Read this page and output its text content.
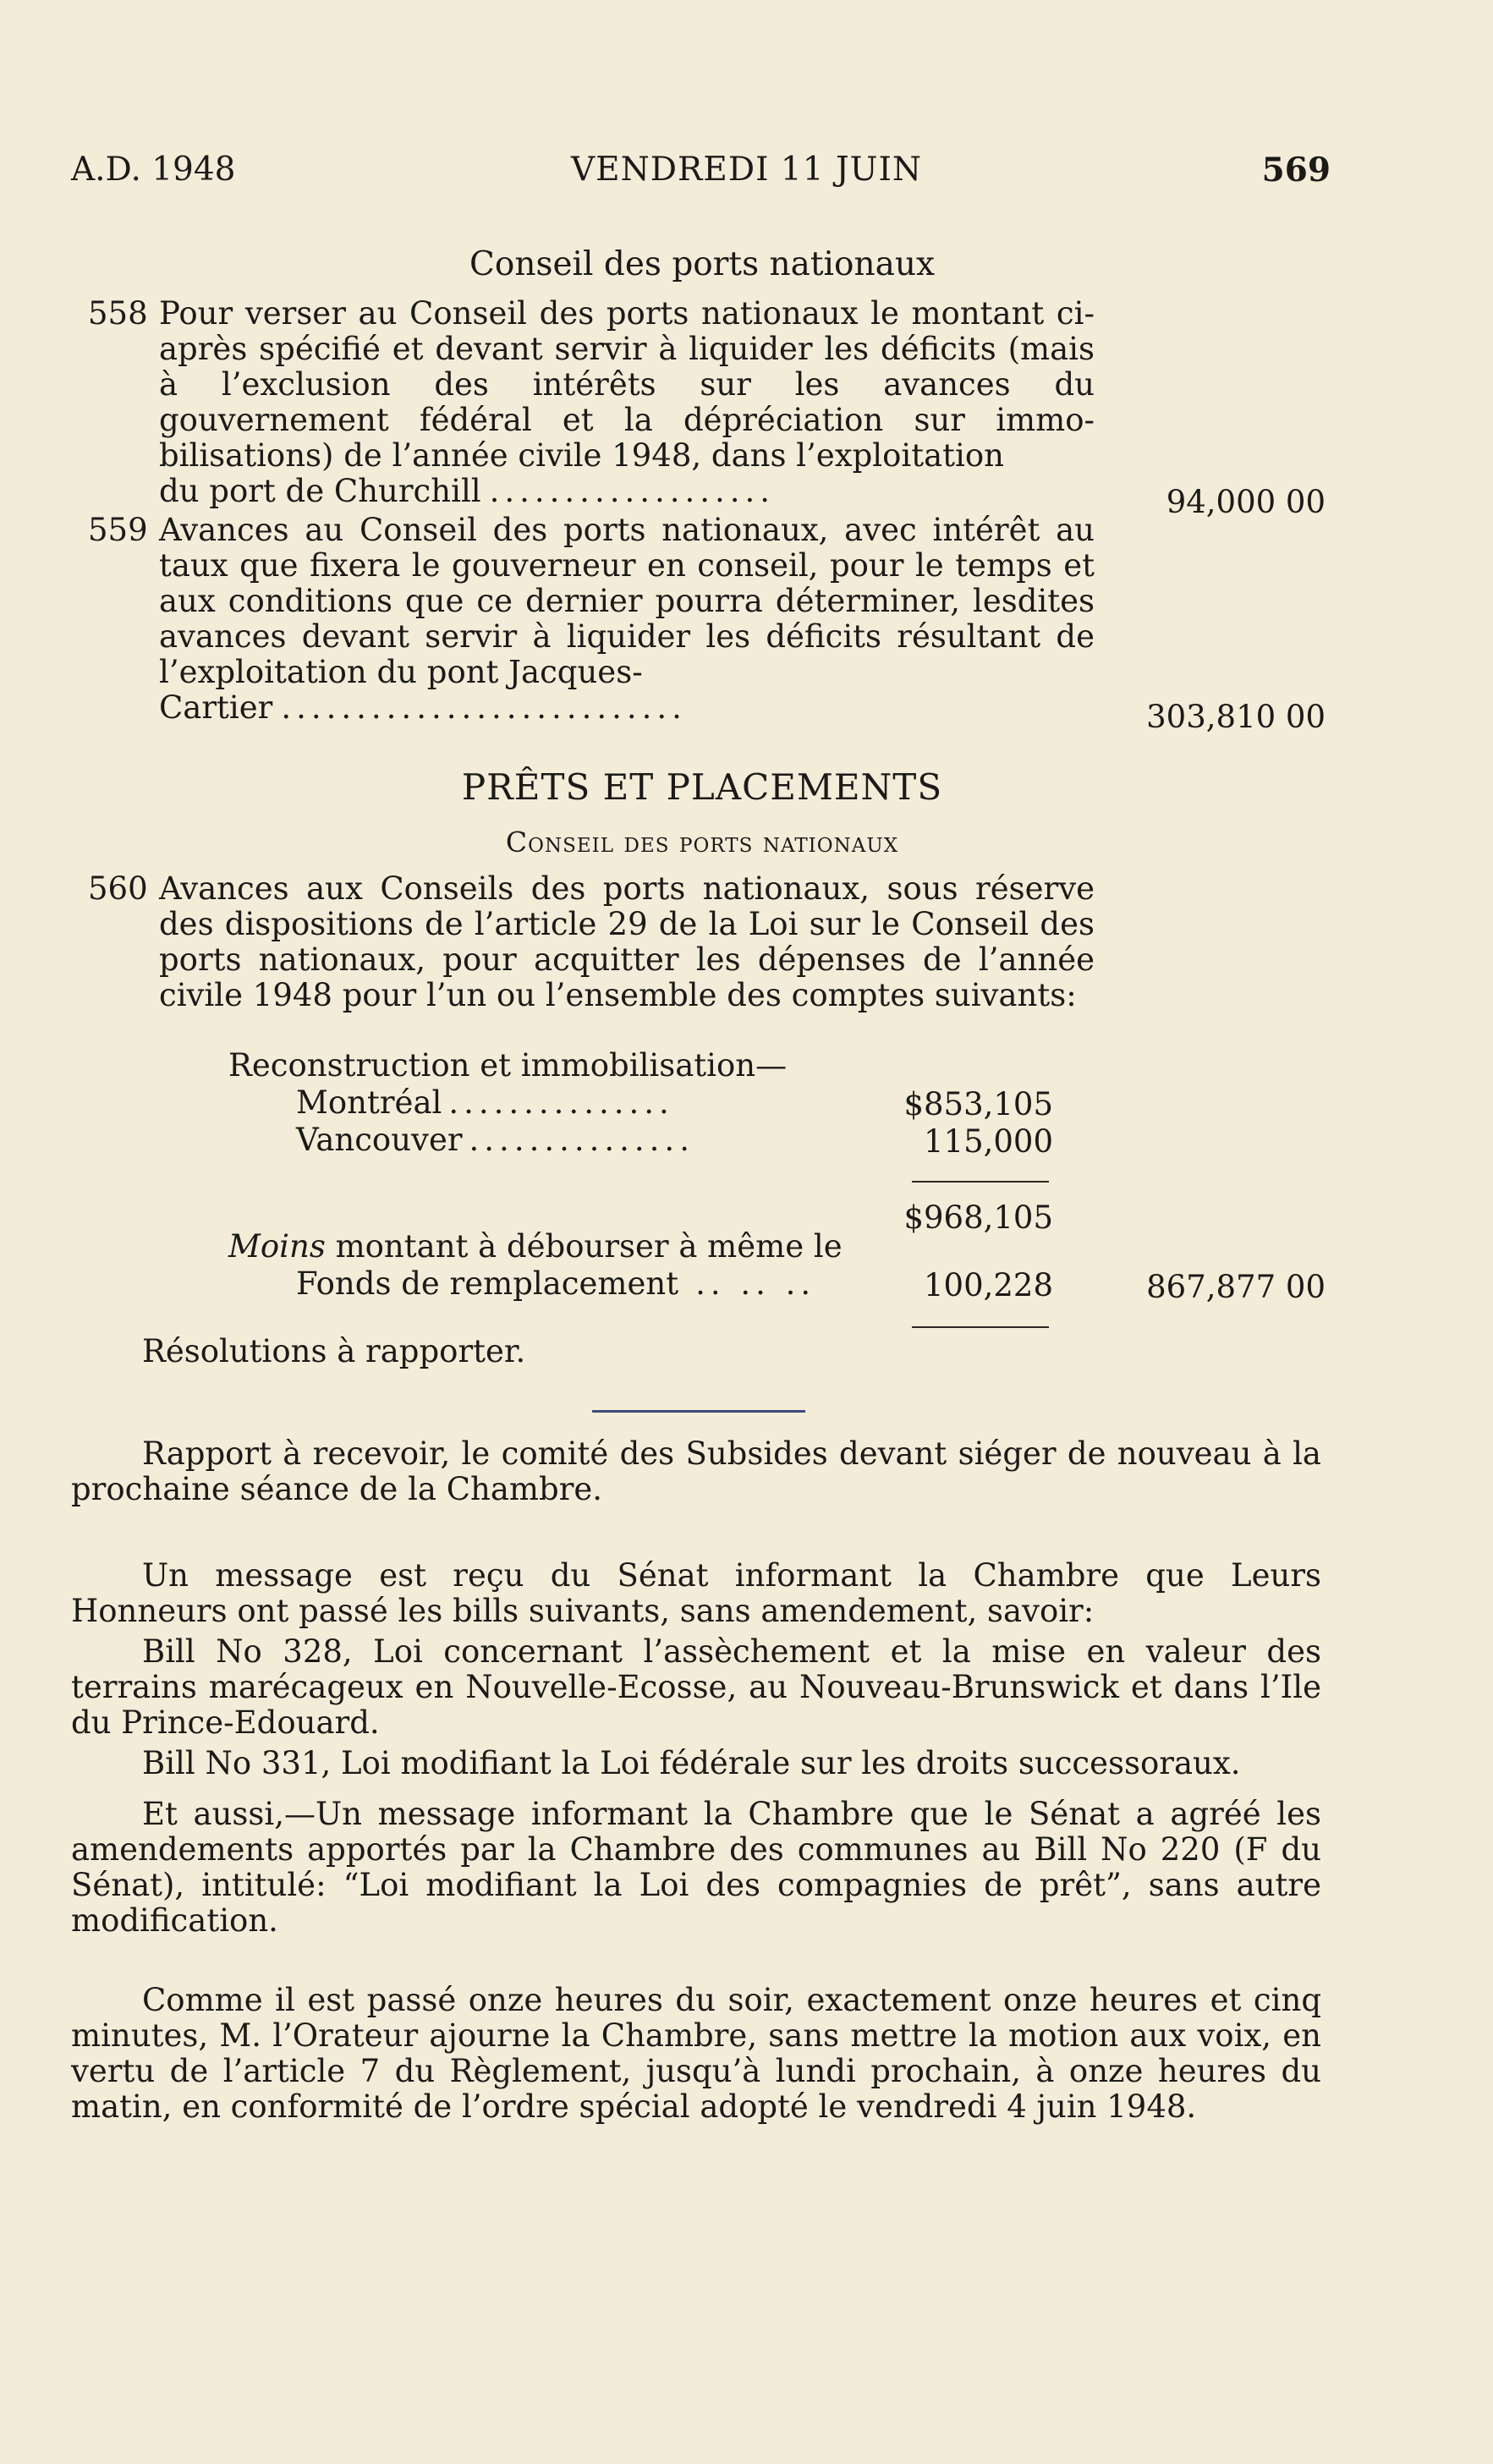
A.D. 1948	VENDREDI 11 JUIN	569
Conseil des ports nationaux
558 Pour verser au Conseil des ports nationaux le montant ci-après spécifié et devant servir à liquider les déficits (mais à l’exclusion des intérêts sur les avances du gouvernement fédéral et la dépréciation sur immobilisations) de l’année civile 1948, dans l’exploitation

du port de Churchill ...................	94,000 00
559 Avances au Conseil des ports nationaux, avec intérêt au taux que fixera le gouverneur en conseil, pour le temps et aux conditions que ce dernier pourra déterminer, lesdites avances devant servir à liquider les déficits résultant de l’exploitation du pont Jacques-

Cartier ...........................	303,810 00
PRÊTS ET PLACEMENTS
Conseil des ports nationaux
560 Avances aux Conseils des ports nationaux, sous réserve des dispositions de l’article 29 de la Loi sur le Conseil des ports nationaux, pour acquitter les dépenses de l’année civile 1948 pour l’un ou l’ensemble des comptes suivants:

Reconstruction et immobilisation—
Montréal ...............	$853,105
Vancouver ...............	115,000
$968,105
Moins montant à débourser à même le
Fonds de remplacement .. .. ..	100,228	867,877 00
Résolutions à rapporter.

Rapport à recevoir, le comité des Subsides devant siéger de nouveau à la prochaine séance de la Chambre.

Un message est reçu du Sénat informant la Chambre que Leurs Honneurs ont passé les bills suivants, sans amendement, savoir:

Bill No 328, Loi concernant l’assèchement et la mise en valeur des terrains marécageux en Nouvelle-Ecosse, au Nouveau-Brunswick et dans l’Ile du Prince-Edouard.

Bill No 331, Loi modifiant la Loi fédérale sur les droits successoraux.

Et aussi,—Un message informant la Chambre que le Sénat a agréé les amendements apportés par la Chambre des communes au Bill No 220 (F du Sénat), intitulé: “Loi modifiant la Loi des compagnies de prêt”, sans autre modification.

Comme il est passé onze heures du soir, exactement onze heures et cinq minutes, M. l’Orateur ajourne la Chambre, sans mettre la motion aux voix, en vertu de l’article 7 du Règlement, jusqu’à lundi prochain, à onze heures du matin, en conformité de l’ordre spécial adopté le vendredi 4 juin 1948.
